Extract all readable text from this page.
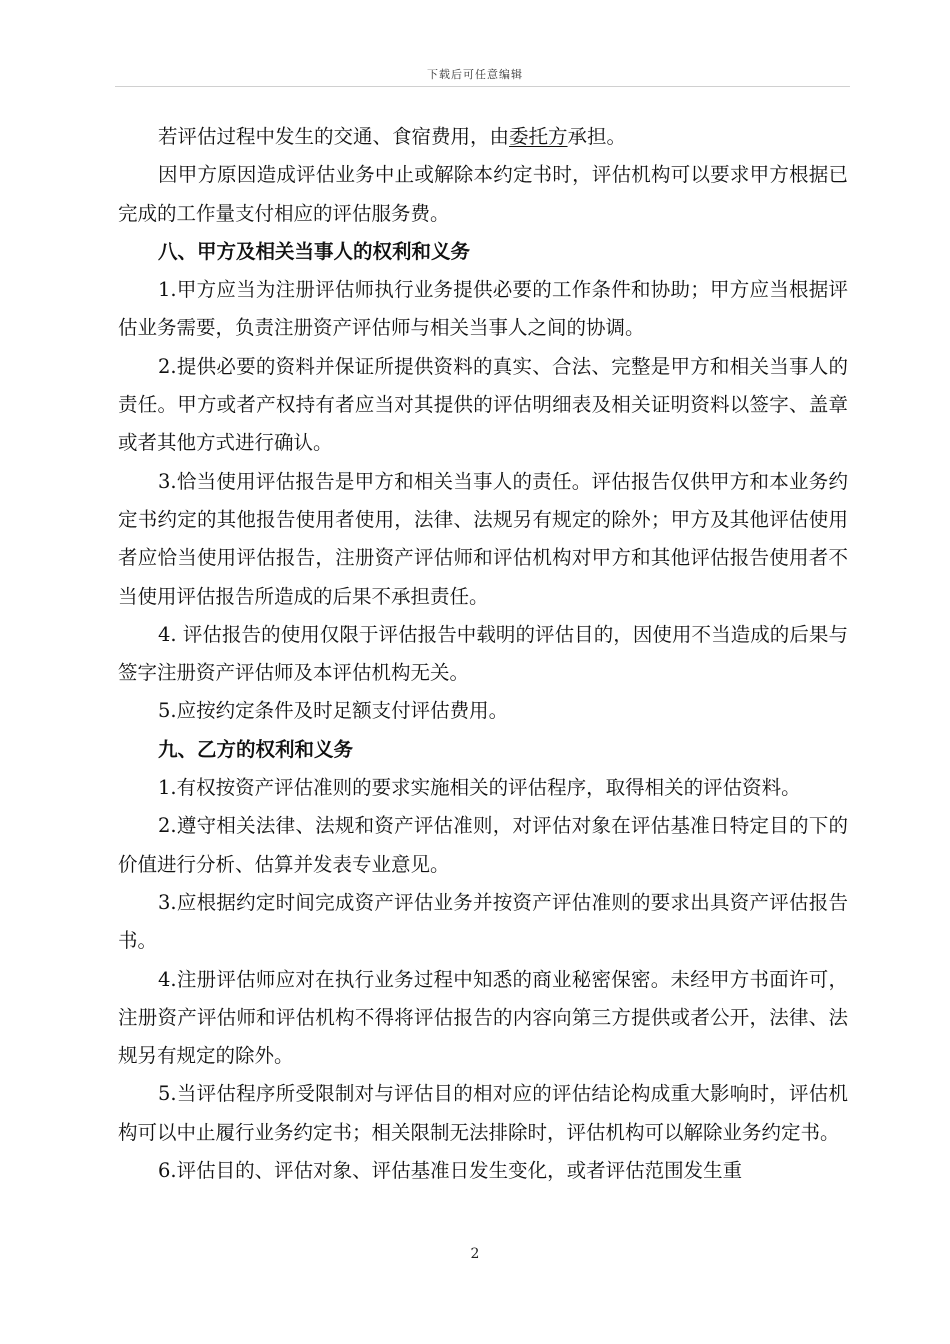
下载后可任意编辑

若评估过程中发生的交通、食宿费用，由委托方承担。

因甲方原因造成评估业务中止或解除本约定书时，评估机构可以要求甲方根据已完成的工作量支付相应的评估服务费。

八、甲方及相关当事人的权利和义务

1.甲方应当为注册评估师执行业务提供必要的工作条件和协助；甲方应当根据评估业务需要，负责注册资产评估师与相关当事人之间的协调。

2.提供必要的资料并保证所提供资料的真实、合法、完整是甲方和相关当事人的责任。甲方或者产权持有者应当对其提供的评估明细表及相关证明资料以签字、盖章或者其他方式进行确认。

3.恰当使用评估报告是甲方和相关当事人的责任。评估报告仅供甲方和本业务约定书约定的其他报告使用者使用，法律、法规另有规定的除外；甲方及其他评估使用者应恰当使用评估报告，注册资产评估师和评估机构对甲方和其他评估报告使用者不当使用评估报告所造成的后果不承担责任。

4. 评估报告的使用仅限于评估报告中载明的评估目的，因使用不当造成的后果与签字注册资产评估师及本评估机构无关。

5.应按约定条件及时足额支付评估费用。

九、乙方的权利和义务

1.有权按资产评估准则的要求实施相关的评估程序，取得相关的评估资料。

2.遵守相关法律、法规和资产评估准则，对评估对象在评估基准日特定目的下的价值进行分析、估算并发表专业意见。

3.应根据约定时间完成资产评估业务并按资产评估准则的要求出具资产评估报告书。

4.注册评估师应对在执行业务过程中知悉的商业秘密保密。未经甲方书面许可，注册资产评估师和评估机构不得将评估报告的内容向第三方提供或者公开，法律、法规另有规定的除外。

5.当评估程序所受限制对与评估目的相对应的评估结论构成重大影响时，评估机构可以中止履行业务约定书；相关限制无法排除时，评估机构可以解除业务约定书。

6.评估目的、评估对象、评估基准日发生变化，或者评估范围发生重

2
